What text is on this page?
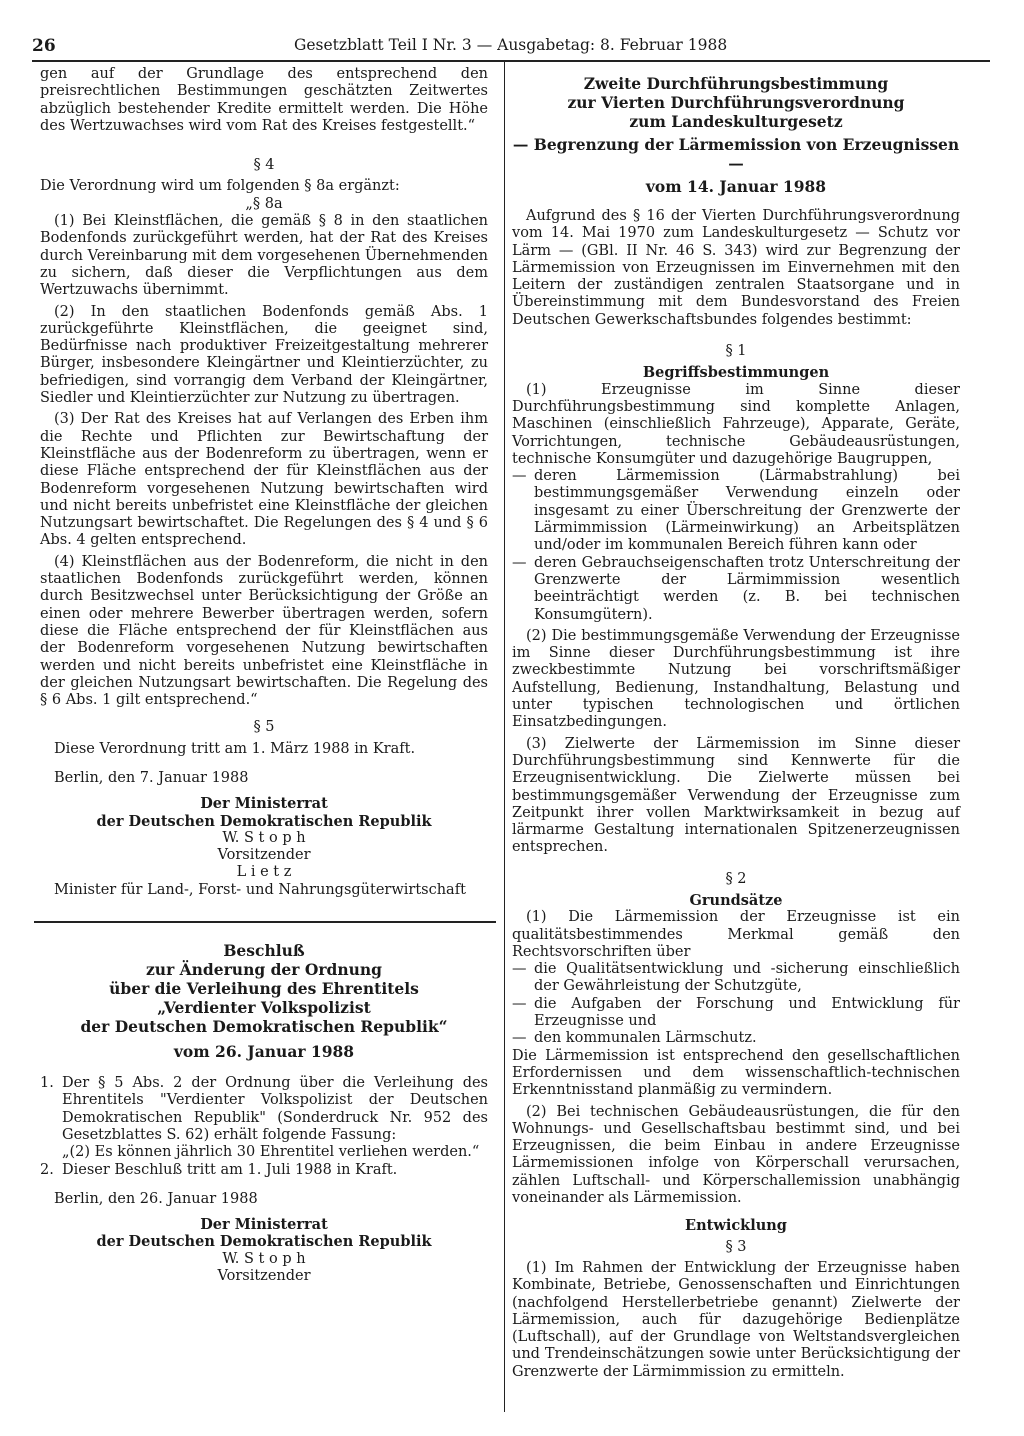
26	Gesetzblatt Teil I Nr. 3 — Ausgabetag: 8. Februar 1988

gen auf der Grundlage des entsprechend den preisrechtlichen Bestimmungen geschätzten Zeitwertes abzüglich bestehender Kredite ermittelt werden. Die Höhe des Wertzuwachses wird vom Rat des Kreises festgestellt.“

§ 4

Die Verordnung wird um folgenden § 8a ergänzt:

„§ 8a

(1) Bei Kleinstflächen, die gemäß § 8 in den staatlichen Bodenfonds zurückgeführt werden, hat der Rat des Kreises durch Vereinbarung mit dem vorgesehenen Übernehmenden zu sichern, daß dieser die Verpflichtungen aus dem Wertzuwachs übernimmt.

(2) In den staatlichen Bodenfonds gemäß Abs. 1 zurückgeführte Kleinstflächen, die geeignet sind, Bedürfnisse nach produktiver Freizeitgestaltung mehrerer Bürger, insbesondere Kleingärtner und Kleintierzüchter, zu befriedigen, sind vorrangig dem Verband der Kleingärtner, Siedler und Kleintierzüchter zur Nutzung zu übertragen.

(3) Der Rat des Kreises hat auf Verlangen des Erben ihm die Rechte und Pflichten zur Bewirtschaftung der Kleinstfläche aus der Bodenreform zu übertragen, wenn er diese Fläche entsprechend der für Kleinstflächen aus der Bodenreform vorgesehenen Nutzung bewirtschaften wird und nicht bereits unbefristet eine Kleinstfläche der gleichen Nutzungsart bewirtschaftet. Die Regelungen des § 4 und § 6 Abs. 4 gelten entsprechend.

(4) Kleinstflächen aus der Bodenreform, die nicht in den staatlichen Bodenfonds zurückgeführt werden, können durch Besitzwechsel unter Berücksichtigung der Größe an einen oder mehrere Bewerber übertragen werden, sofern diese die Fläche entsprechend der für Kleinstflächen aus der Bodenreform vorgesehenen Nutzung bewirtschaften werden und nicht bereits unbefristet eine Kleinstfläche in der gleichen Nutzungsart bewirtschaften. Die Regelung des § 6 Abs. 1 gilt entsprechend.“

§ 5

Diese Verordnung tritt am 1. März 1988 in Kraft.

Berlin, den 7. Januar 1988

Der Ministerrat

der Deutschen Demokratischen Republik

W. S t o p h

Vorsitzender

L i e t z

Minister für Land-, Forst- und Nahrungsgüterwirtschaft

Beschluß

zur Änderung der Ordnung

über die Verleihung des Ehrentitels

„Verdienter Volkspolizist

der Deutschen Demokratischen Republik“

vom 26. Januar 1988

1. Der § 5 Abs. 2 der Ordnung über die Verleihung des Ehrentitels "Verdienter Volkspolizist der Deutschen Demokratischen Republik" (Sonderdruck Nr. 952 des Gesetzblattes S. 62) erhält folgende Fassung:

„(2) Es können jährlich 30 Ehrentitel verliehen werden.“

2. Dieser Beschluß tritt am 1. Juli 1988 in Kraft.

Berlin, den 26. Januar 1988

Der Ministerrat

der Deutschen Demokratischen Republik

W. S t o p h

Vorsitzender

Zweite Durchführungsbestimmung

zur Vierten Durchführungsverordnung

zum Landeskulturgesetz

— Begrenzung der Lärmemission von Erzeugnissen —

vom 14. Januar 1988

Aufgrund des § 16 der Vierten Durchführungsverordnung vom 14. Mai 1970 zum Landeskulturgesetz — Schutz vor Lärm — (GBl. II Nr. 46 S. 343) wird zur Begrenzung der Lärmemission von Erzeugnissen im Einvernehmen mit den Leitern der zuständigen zentralen Staatsorgane und in Übereinstimmung mit dem Bundesvorstand des Freien Deutschen Gewerkschaftsbundes folgendes bestimmt:

§ 1

Begriffsbestimmungen

(1) Erzeugnisse im Sinne dieser Durchführungsbestimmung sind komplette Anlagen, Maschinen (einschließlich Fahrzeuge), Apparate, Geräte, Vorrichtungen, technische Gebäudeausrüstungen, technische Konsumgüter und dazugehörige Baugruppen,

— deren Lärmemission (Lärmabstrahlung) bei bestimmungsgemäßer Verwendung einzeln oder insgesamt zu einer Überschreitung der Grenzwerte der Lärmimmission (Lärmeinwirkung) an Arbeitsplätzen und/oder im kommunalen Bereich führen kann oder

— deren Gebrauchseigenschaften trotz Unterschreitung der Grenzwerte der Lärmimmission wesentlich beeinträchtigt werden (z. B. bei technischen Konsumgütern).

(2) Die bestimmungsgemäße Verwendung der Erzeugnisse im Sinne dieser Durchführungsbestimmung ist ihre zweckbestimmte Nutzung bei vorschriftsmäßiger Aufstellung, Bedienung, Instandhaltung, Belastung und unter typischen technologischen und örtlichen Einsatzbedingungen.

(3) Zielwerte der Lärmemission im Sinne dieser Durchführungsbestimmung sind Kennwerte für die Erzeugnisentwicklung. Die Zielwerte müssen bei bestimmungsgemäßer Verwendung der Erzeugnisse zum Zeitpunkt ihrer vollen Marktwirksamkeit in bezug auf lärmarme Gestaltung internationalen Spitzenerzeugnissen entsprechen.

§ 2

Grundsätze

(1) Die Lärmemission der Erzeugnisse ist ein qualitätsbestimmendes Merkmal gemäß den Rechtsvorschriften über

— die Qualitätsentwicklung und -sicherung einschließlich der Gewährleistung der Schutzgüte,

— die Aufgaben der Forschung und Entwicklung für Erzeugnisse und

— den kommunalen Lärmschutz.

Die Lärmemission ist entsprechend den gesellschaftlichen Erfordernissen und dem wissenschaftlich-technischen Erkenntnisstand planmäßig zu vermindern.

(2) Bei technischen Gebäudeausrüstungen, die für den Wohnungs- und Gesellschaftsbau bestimmt sind, und bei Erzeugnissen, die beim Einbau in andere Erzeugnisse Lärmemissionen infolge von Körperschall verursachen, zählen Luftschall- und Körperschallemission unabhängig voneinander als Lärmemission.

Entwicklung

§ 3

(1) Im Rahmen der Entwicklung der Erzeugnisse haben Kombinate, Betriebe, Genossenschaften und Einrichtungen (nachfolgend Herstellerbetriebe genannt) Zielwerte der Lärmemission, auch für dazugehörige Bedienplätze (Luftschall), auf der Grundlage von Weltstandsvergleichen und Trendeinschätzungen sowie unter Berücksichtigung der Grenzwerte der Lärmimmission zu ermitteln.
